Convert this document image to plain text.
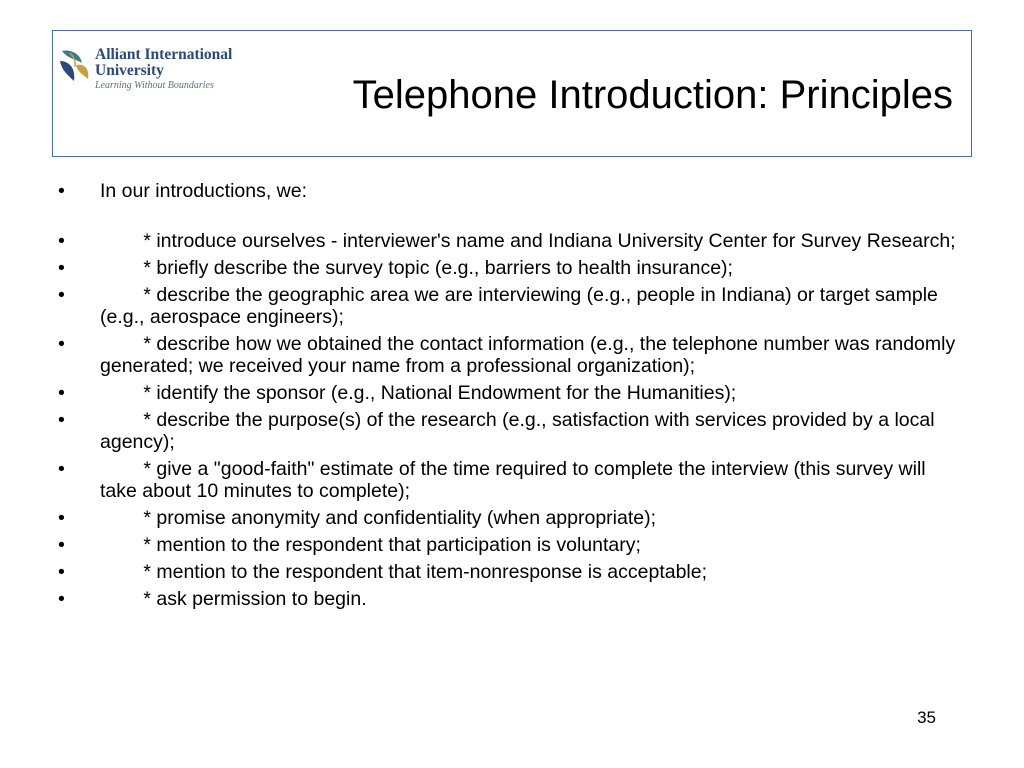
Alliant International
University
Learning Without Boundaries	Telephone Introduction: Principles
•	In our introductions, we:
•		* introduce ourselves - interviewer's name and Indiana University Center for Survey Research;
•		* briefly describe the survey topic (e.g., barriers to health insurance);
•		* describe the geographic area we are interviewing (e.g., people in Indiana) or target sample (e.g., aerospace engineers);
•		* describe how we obtained the contact information (e.g., the telephone number was randomly generated; we received your name from a professional organization);
•		* identify the sponsor (e.g., National Endowment for the Humanities);
•		* describe the purpose(s) of the research (e.g., satisfaction with services provided by a local agency);
•		* give a "good-faith" estimate of the time required to complete the interview (this survey will take about 10 minutes to complete);
•		* promise anonymity and confidentiality (when appropriate);
•		* mention to the respondent that participation is voluntary;
•		* mention to the respondent that item-nonresponse is acceptable;
•		* ask permission to begin.
35
